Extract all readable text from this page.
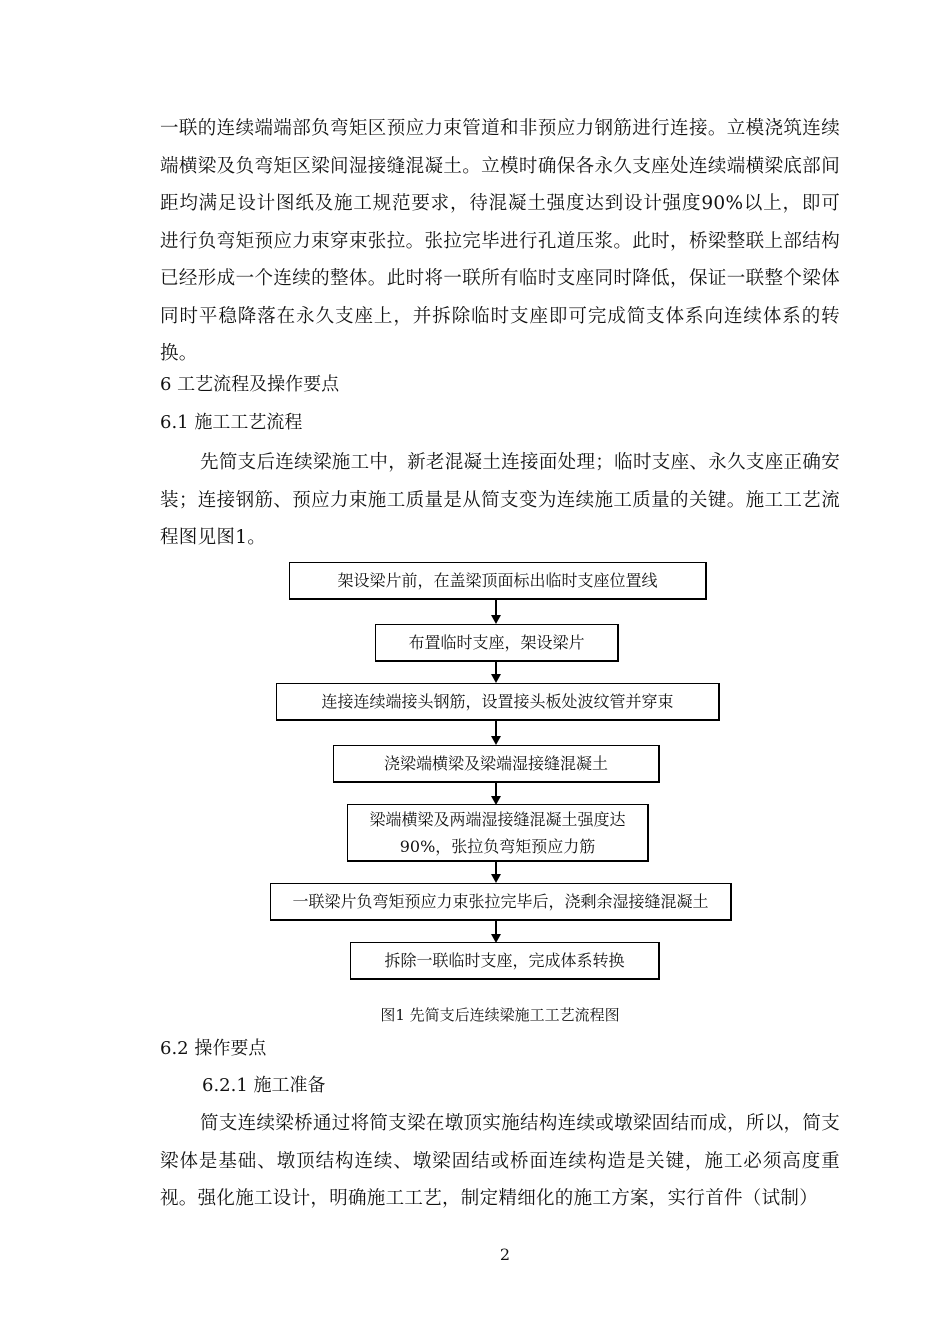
一联的连续端端部负弯矩区预应力束管道和非预应力钢筋进行连接。立模浇筑连续端横梁及负弯矩区梁间湿接缝混凝土。立模时确保各永久支座处连续端横梁底部间距均满足设计图纸及施工规范要求，待混凝土强度达到设计强度90%以上，即可进行负弯矩预应力束穿束张拉。张拉完毕进行孔道压浆。此时，桥梁整联上部结构已经形成一个连续的整体。此时将一联所有临时支座同时降低，保证一联整个梁体同时平稳降落在永久支座上，并拆除临时支座即可完成简支体系向连续体系的转换。

6 工艺流程及操作要点

6.1 施工工艺流程

先简支后连续梁施工中，新老混凝土连接面处理；临时支座、永久支座正确安装；连接钢筋、预应力束施工质量是从简支变为连续施工质量的关键。施工工艺流程图见图1。

架设梁片前，在盖梁顶面标出临时支座位置线
布置临时支座，架设梁片
连接连续端接头钢筋，设置接头板处波纹管并穿束
浇梁端横梁及梁端湿接缝混凝土
梁端横梁及两端湿接缝混凝土强度达90%，张拉负弯矩预应力筋
一联梁片负弯矩预应力束张拉完毕后，浇剩余湿接缝混凝土
拆除一联临时支座，完成体系转换
图1 先简支后连续梁施工工艺流程图

6.2 操作要点

6.2.1 施工准备

简支连续梁桥通过将简支梁在墩顶实施结构连续或墩梁固结而成，所以，简支梁体是基础、墩顶结构连续、墩梁固结或桥面连续构造是关键，施工必须高度重视。强化施工设计，明确施工工艺，制定精细化的施工方案，实行首件（试制）

2
